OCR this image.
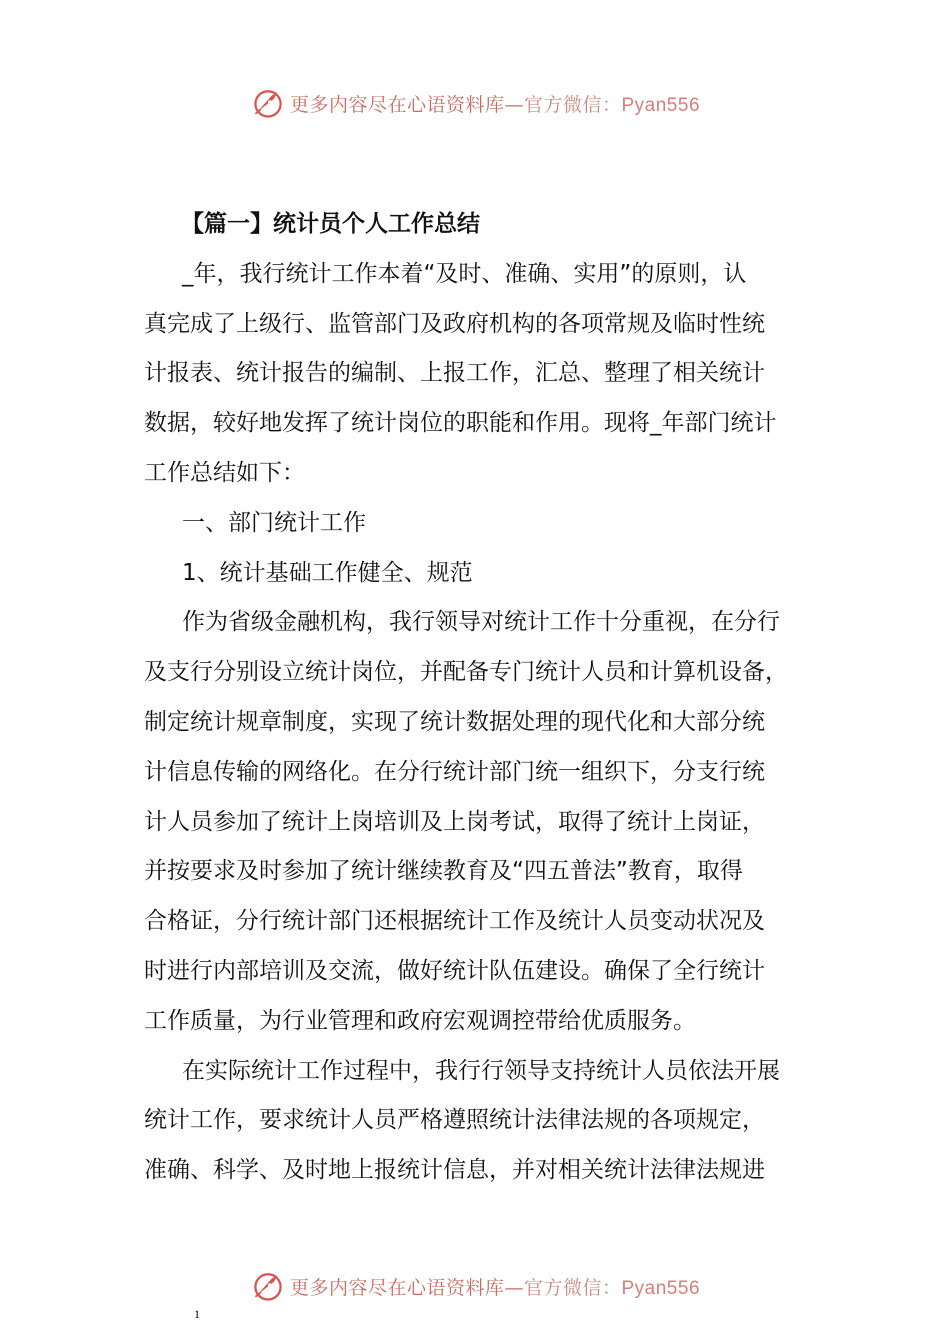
更多内容尽在心语资料库—官方微信：Pyan556

【篇一】统计员个人工作总结

_年，我行统计工作本着“及时、准确、实用”的原则，认

真完成了上级行、监管部门及政府机构的各项常规及临时性统

计报表、统计报告的编制、上报工作，汇总、整理了相关统计

数据，较好地发挥了统计岗位的职能和作用。现将_年部门统计

工作总结如下：

一、部门统计工作

1、统计基础工作健全、规范

作为省级金融机构，我行领导对统计工作十分重视，在分行

及支行分别设立统计岗位，并配备专门统计人员和计算机设备，

制定统计规章制度，实现了统计数据处理的现代化和大部分统

计信息传输的网络化。在分行统计部门统一组织下，分支行统

计人员参加了统计上岗培训及上岗考试，取得了统计上岗证，

并按要求及时参加了统计继续教育及“四五普法”教育，取得

合格证，分行统计部门还根据统计工作及统计人员变动状况及

时进行内部培训及交流，做好统计队伍建设。确保了全行统计

工作质量，为行业管理和政府宏观调控带给优质服务。

在实际统计工作过程中，我行行领导支持统计人员依法开展

统计工作，要求统计人员严格遵照统计法律法规的各项规定，

准确、科学、及时地上报统计信息，并对相关统计法律法规进

更多内容尽在心语资料库—官方微信：Pyan556
1
